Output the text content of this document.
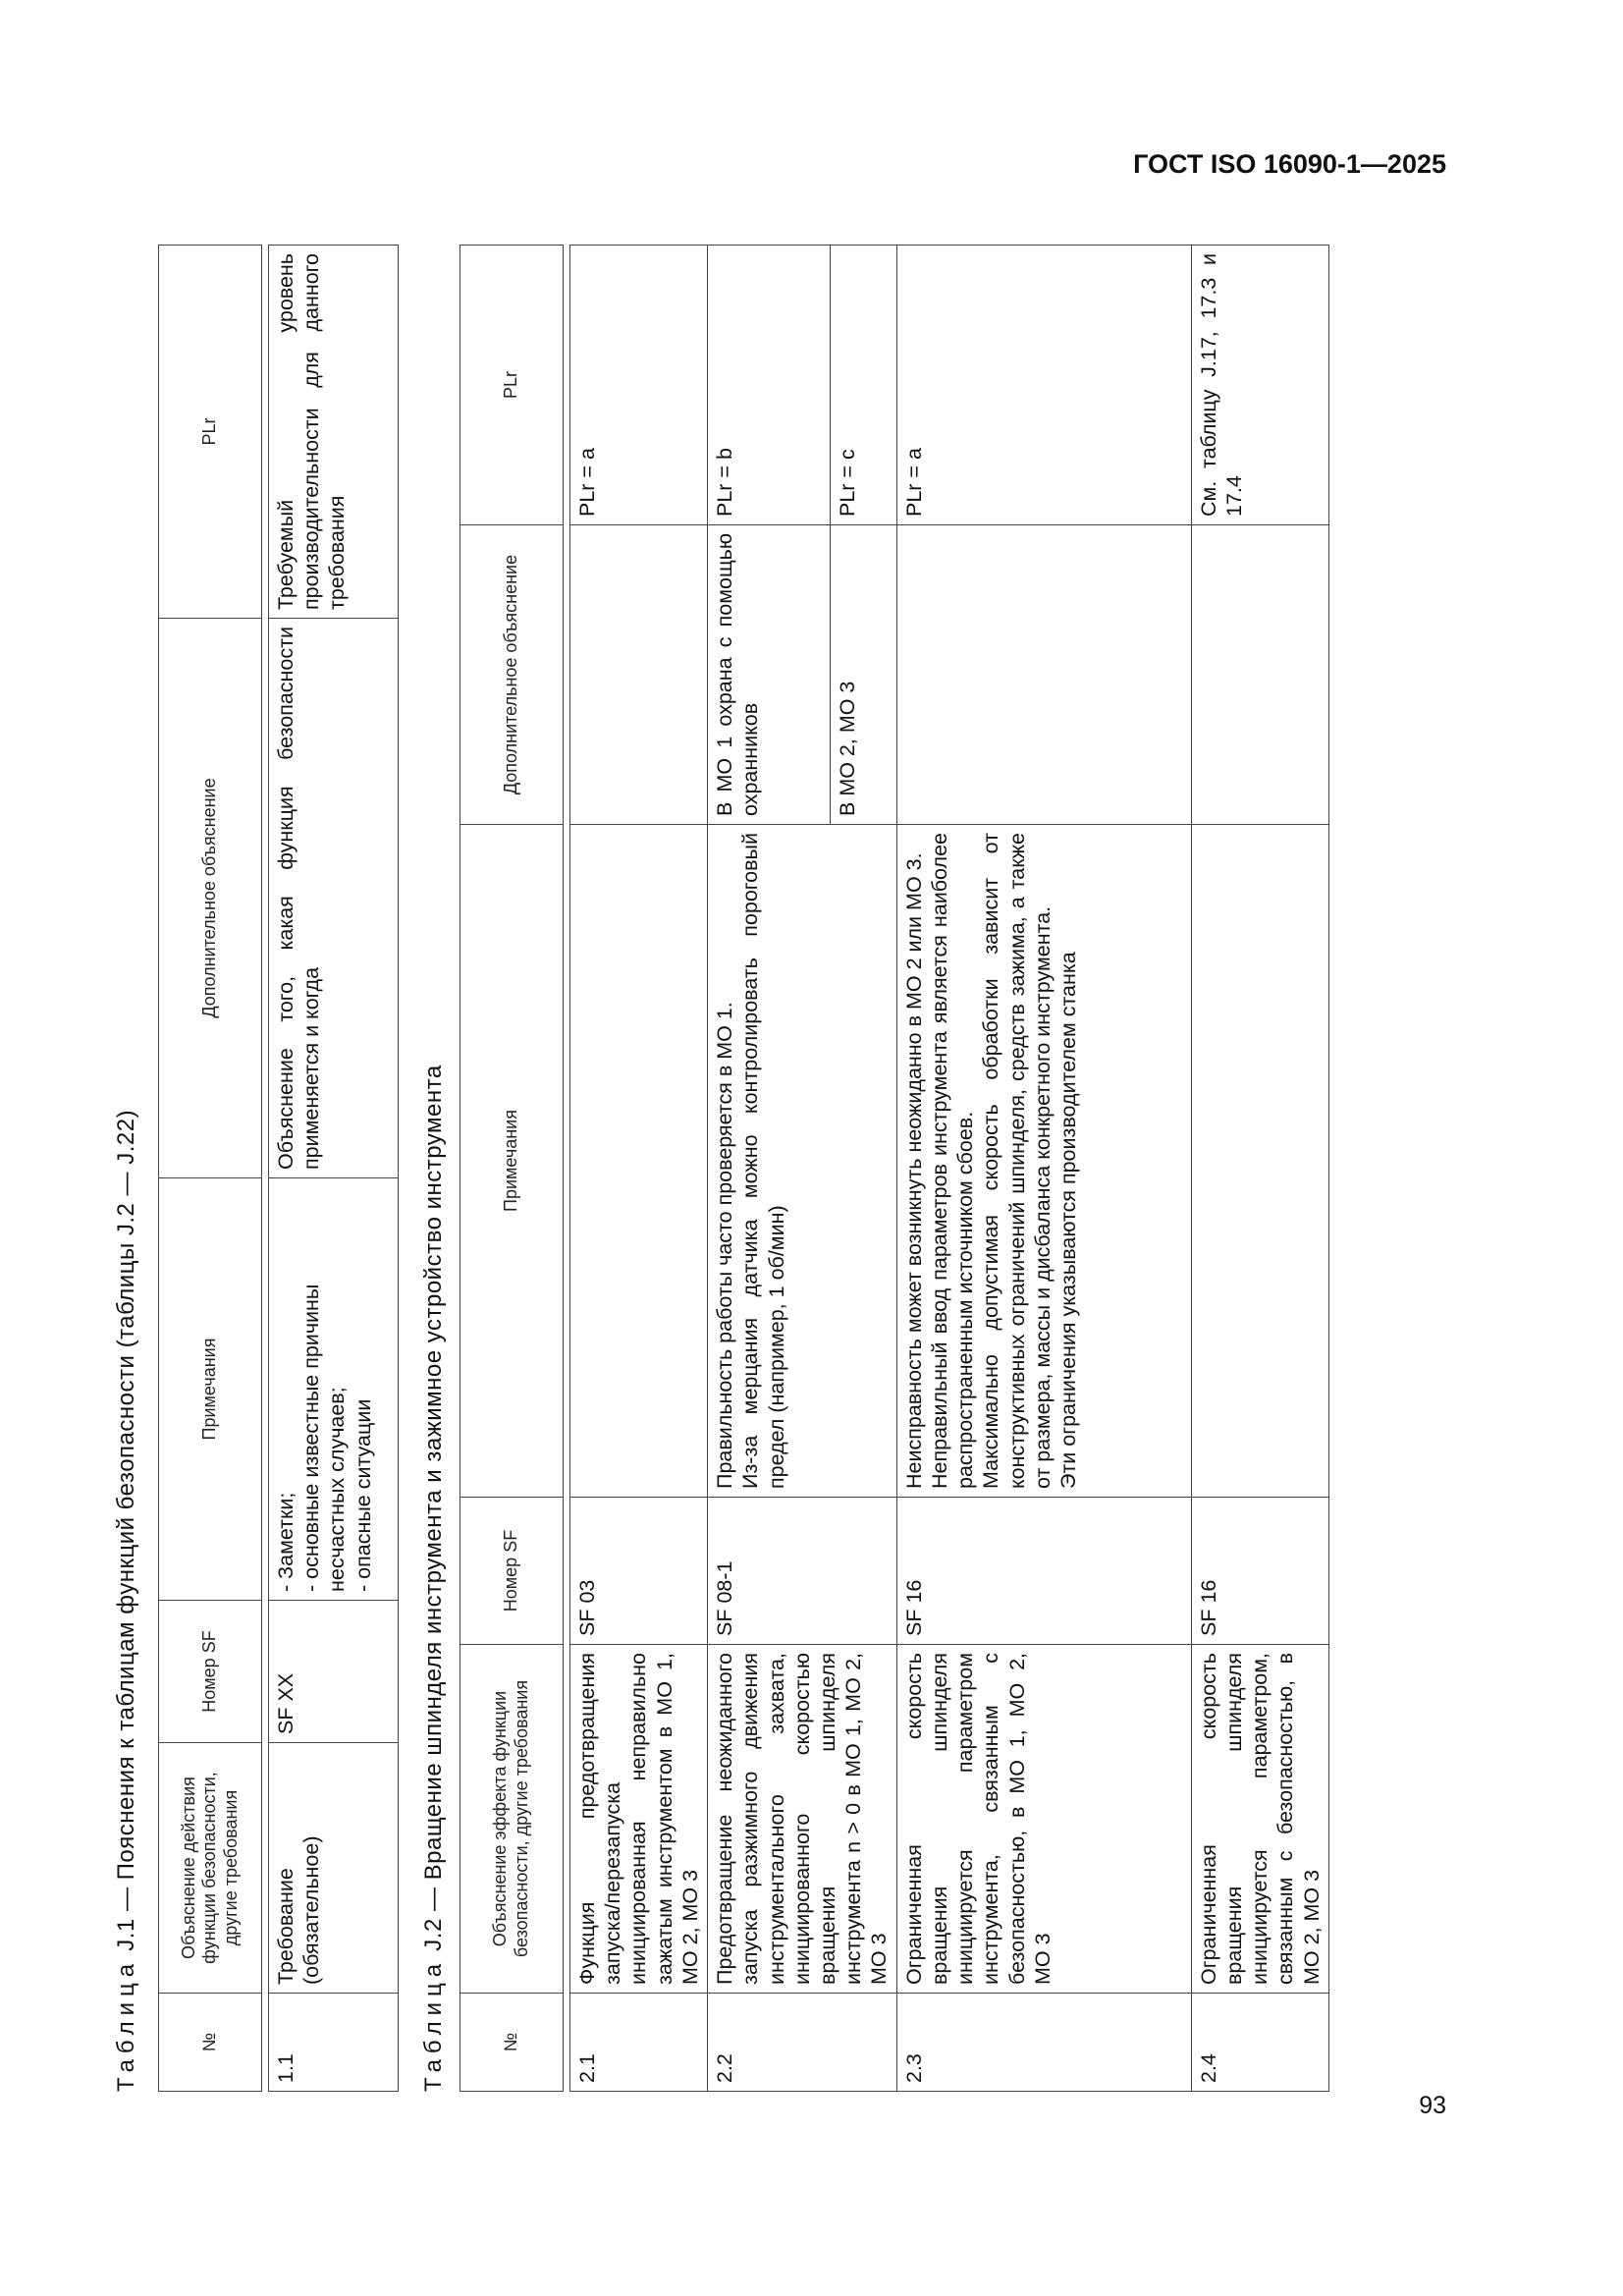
ГОСТ ISO 16090-1—2025

Таблица J.1 — Пояснения к таблицам функций безопасности (таблицы J.2 — J.22)

№	Объяснение действия функции безопасности, другие требования	Номер SF	Примечания	Дополнительное объяснение	PLr

1.1	Требование (обязательное)	SF XX	- Заметки; - основные известные причины несчастных случаев; - опасные ситуации	Объяснение того, какая функция безопасности применяется и когда	Требуемый уровень производительности для данного требования

Таблица J.2 — Вращение шпинделя инструмента и зажимное устройство инструмента

№	Объяснение эффекта функции безопасности, другие требования	Номер SF	Примечания	Дополнительное объяснение	PLr

2.1	Функция предотвращения запуска/перезапуска инициированная неправильно зажатым инструментом в МО 1, МО 2, МО 3	SF 03			PLr = a
2.2	Предотвращение неожиданного запуска разжимного движения инструментального захвата, инициированного скоростью вращения шпинделя инструмента n > 0 в МО 1, МО 2, МО 3	SF 08-1	Правильность работы часто проверяется в МО 1. Из-за мерцания датчика можно контролировать пороговый предел (например, 1 об/мин)	В МО 1 охрана с помощью охранников	PLr = b
				В МО 2, МО 3	PLr = c
2.3	Ограниченная скорость вращения шпинделя инициируется параметром инструмента, связанным с безопасностью, в МО 1, МО 2, МО 3	SF 16	Неисправность может возникнуть неожиданно в МО 2 или МО 3. Неправильный ввод параметров инструмента является наиболее распространенным источником сбоев. Максимально допустимая скорость обработки зависит от конструктивных ограничений шпинделя, средств зажима, а также от размера, массы и дисбаланса конкретного инструмента. Эти ограничения указываются производителем станка		PLr = a
2.4	Ограниченная скорость вращения шпинделя инициируется параметром, связанным с безопасностью, в МО 2, МО 3	SF 16			См. таблицу J.17, 17.3 и 17.4
93
